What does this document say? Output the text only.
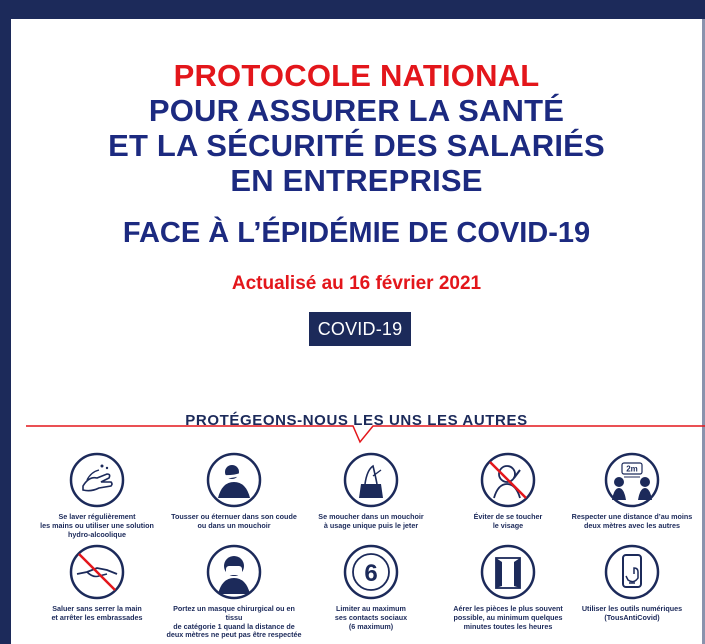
PROTOCOLE NATIONAL
POUR ASSURER LA SANTÉ
ET LA SÉCURITÉ DES SALARIÉS
EN ENTREPRISE
FACE À L’ÉPIDÉMIE DE COVID-19
Actualisé au 16 février 2021
COVID-19
PROTÉGEONS-NOUS LES UNS LES AUTRES
Se laver régulièrement
les mains ou utiliser une solution
hydro-alcoolique
Tousser ou éternuer dans son coude
ou dans un mouchoir
Se moucher dans un mouchoir
à usage unique puis le jeter
Éviter de se toucher
le visage
2m
Respecter une distance d’au moins
deux mètres avec les autres
Saluer sans serrer la main
et arrêter les embrassades
Portez un masque chirurgical ou en tissu
de catégorie 1 quand la distance de
deux mètres ne peut pas être respectée
6
Limiter au maximum
ses contacts sociaux
(6 maximum)
Aérer les pièces le plus souvent
possible, au minimum quelques
minutes toutes les heures
Utiliser les outils numériques
(TousAntiCovid)
